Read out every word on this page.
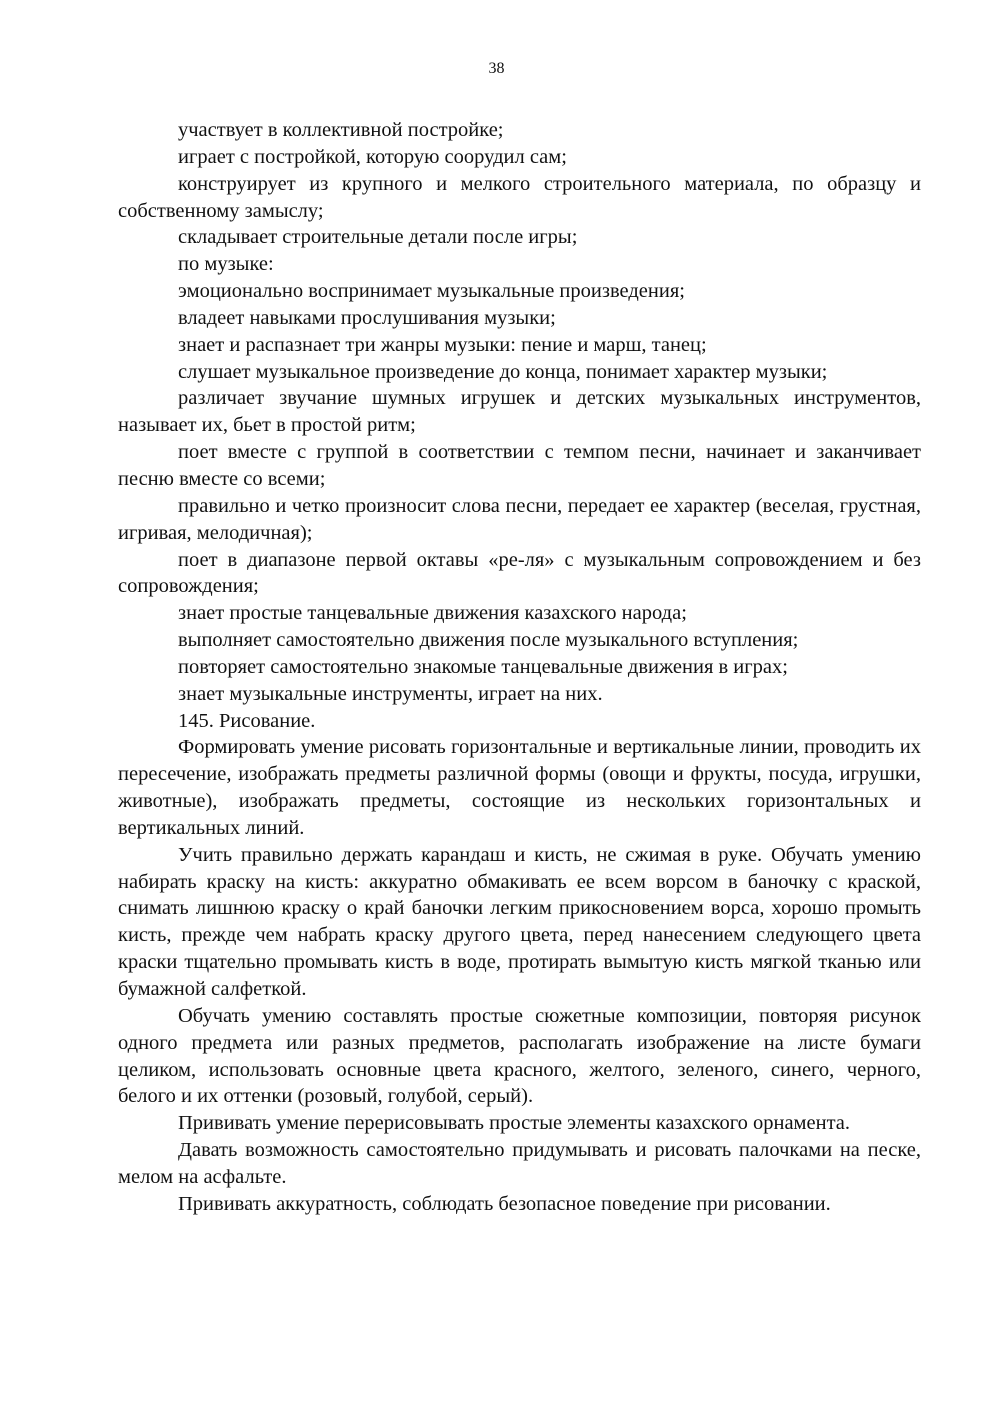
38

участвует в коллективной постройке;

играет с постройкой, которую соорудил сам;

конструирует из крупного и мелкого строительного материала, по образцу и собственному замыслу;

складывает строительные детали после игры;

по музыке:

эмоционально воспринимает музыкальные произведения;

владеет навыками прослушивания музыки;

знает и распазнает три жанры музыки: пение и марш, танец;

слушает музыкальное произведение до конца, понимает характер музыки;

различает звучание шумных игрушек и детских музыкальных инструментов, называет их, бьет в простой ритм;

поет вместе с группой в соответствии с темпом песни, начинает и заканчивает песню вместе со всеми;

правильно и четко произносит слова песни, передает ее характер (веселая, грустная, игривая, мелодичная);

поет в диапазоне первой октавы «ре-ля» с музыкальным сопровождением и без сопровождения;

знает простые танцевальные движения казахского народа;

выполняет самостоятельно движения после музыкального вступления;

повторяет самостоятельно знакомые танцевальные движения в играх;

знает музыкальные инструменты, играет на них.

145. Рисование.

Формировать умение рисовать горизонтальные и вертикальные линии, проводить их пересечение, изображать предметы различной формы (овощи и фрукты, посуда, игрушки, животные), изображать предметы, состоящие из нескольких горизонтальных и вертикальных линий.

Учить правильно держать карандаш и кисть, не сжимая в руке. Обучать умению набирать краску на кисть: аккуратно обмакивать ее всем ворсом в баночку с краской, снимать лишнюю краску о край баночки легким прикосновением ворса, хорошо промыть кисть, прежде чем набрать краску другого цвета, перед нанесением следующего цвета краски тщательно промывать кисть в воде, протирать вымытую кисть мягкой тканью или бумажной салфеткой.

Обучать умению составлять простые сюжетные композиции, повторяя рисунок одного предмета или разных предметов, располагать изображение на листе бумаги целиком, использовать основные цвета красного, желтого, зеленого, синего, черного, белого и их оттенки (розовый, голубой, серый).

Прививать умение перерисовывать простые элементы казахского орнамента.

Давать возможность самостоятельно придумывать и рисовать палочками на песке, мелом на асфальте.

Прививать аккуратность, соблюдать безопасное поведение при рисовании.
